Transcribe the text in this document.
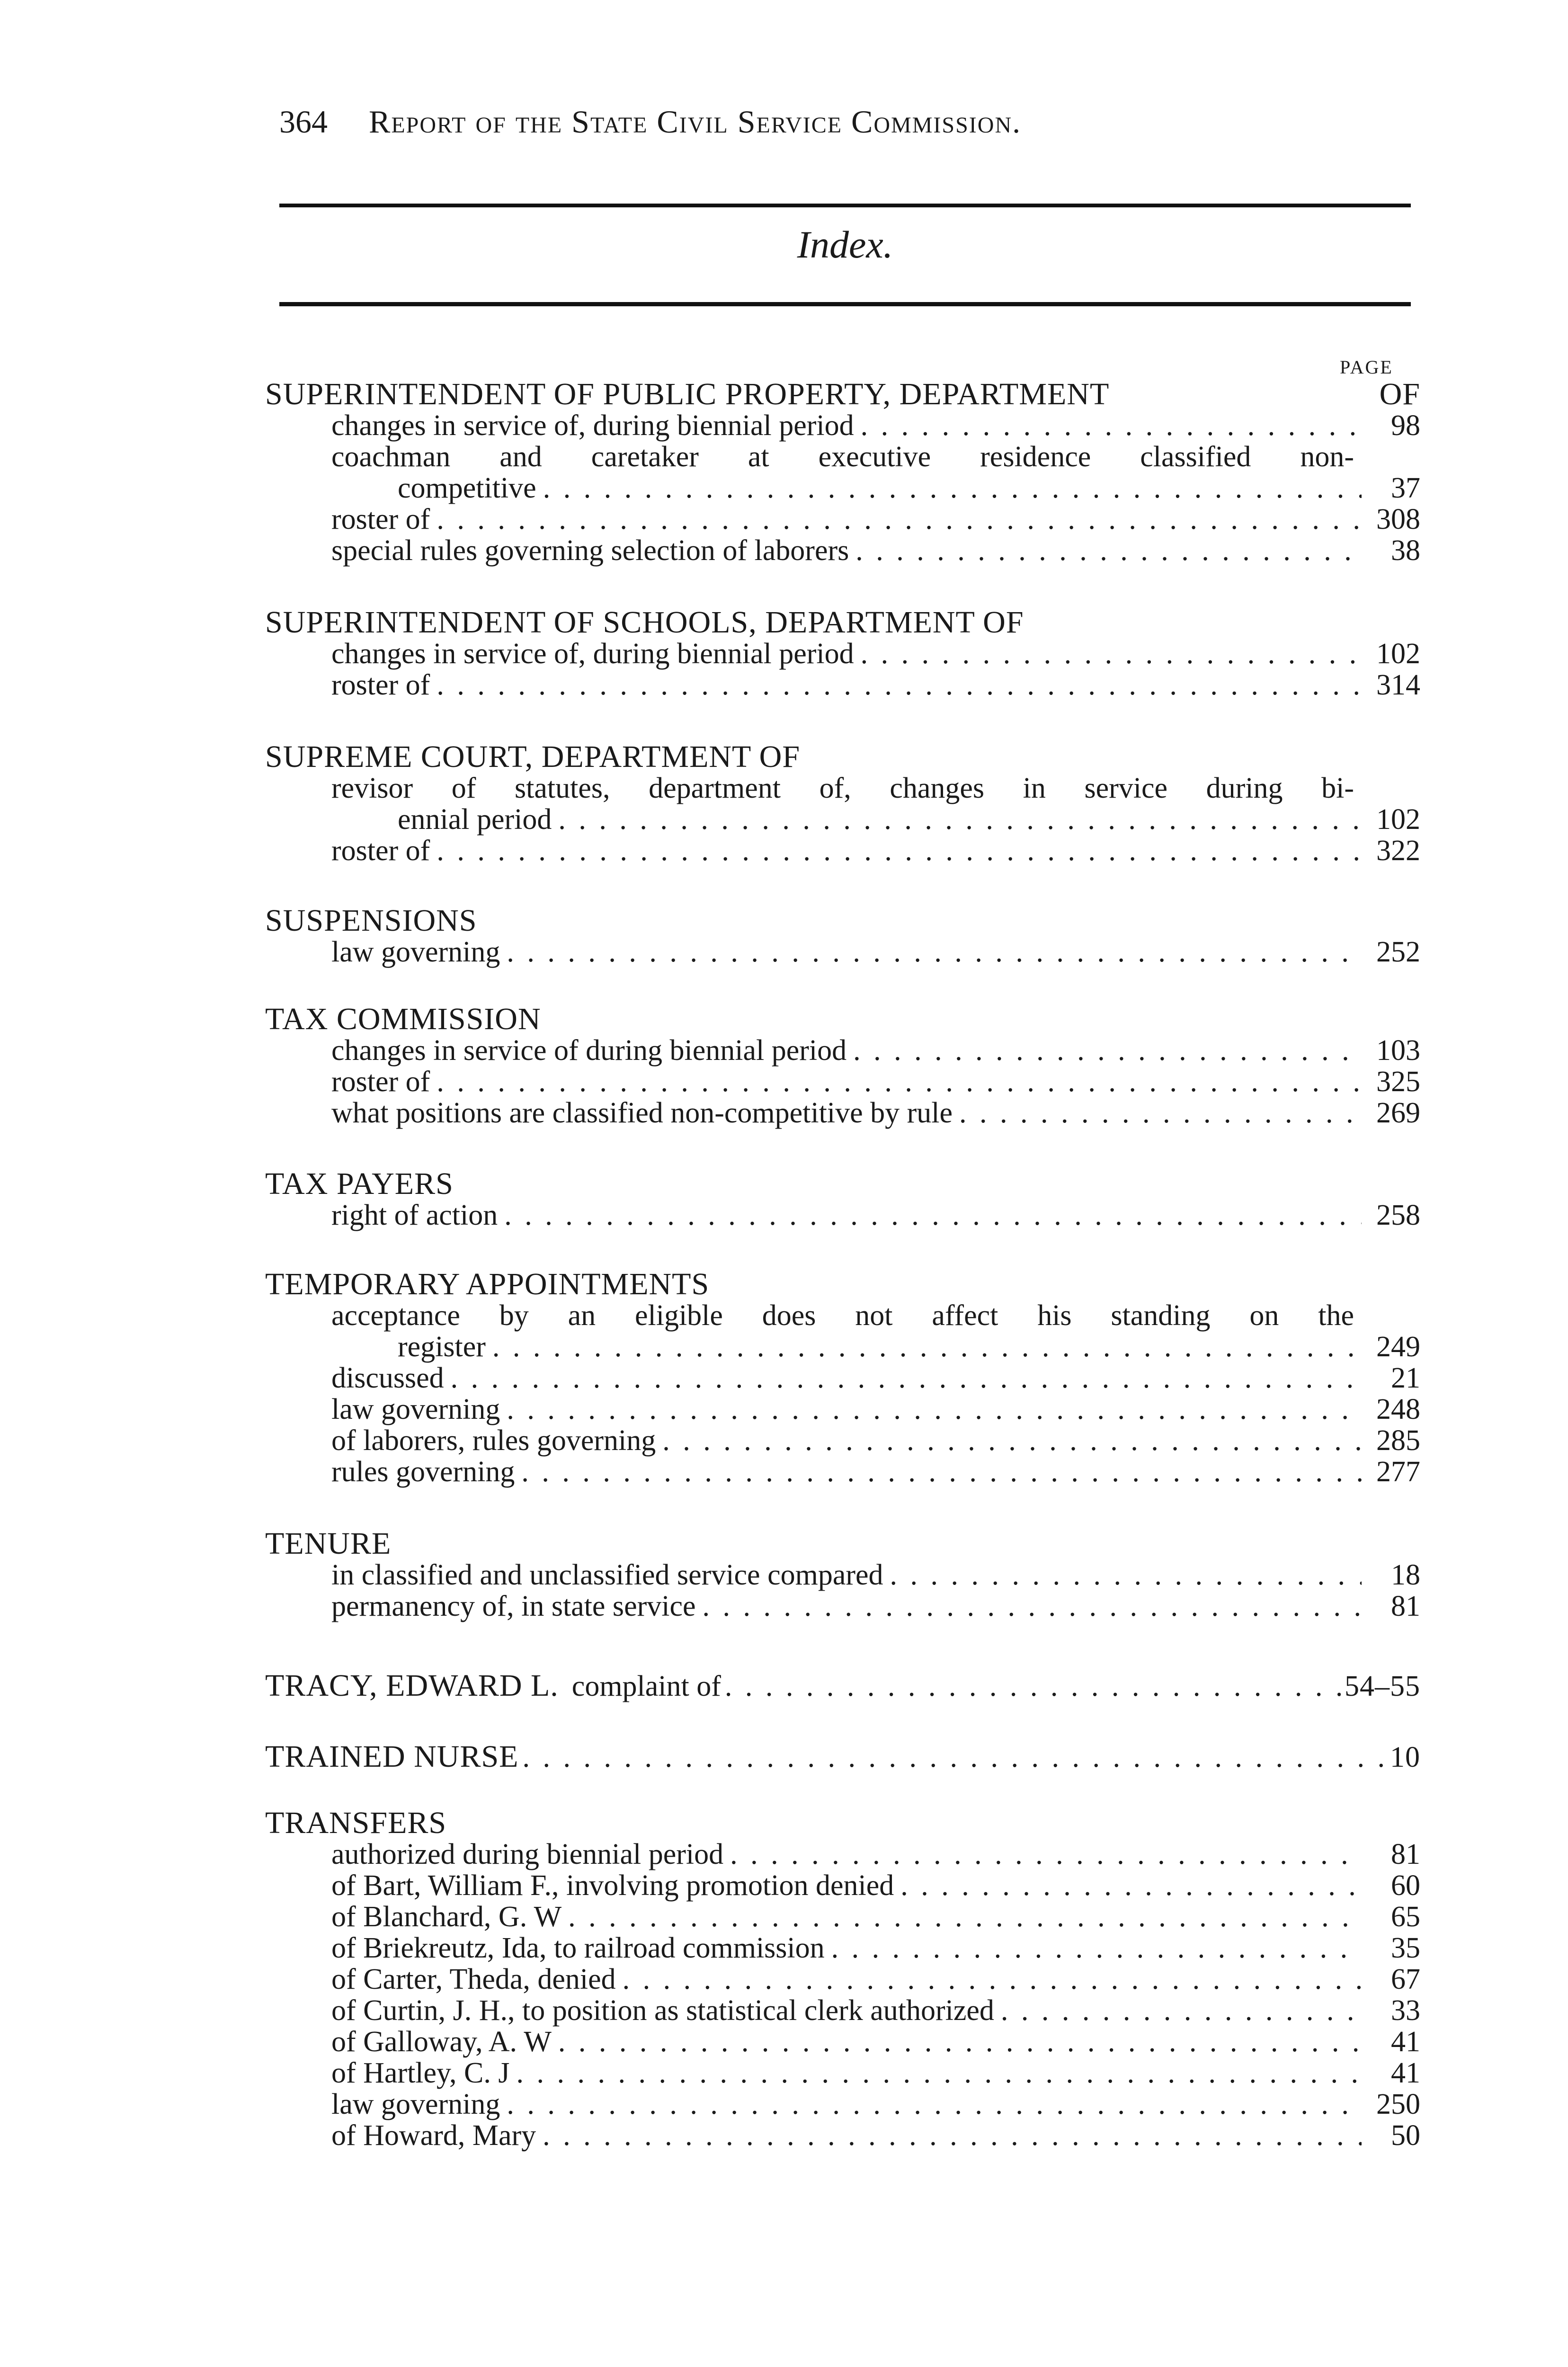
364 Report of the State Civil Service Commission.
Index.
PAGE
SUPERINTENDENT OF PUBLIC PROPERTY, DEPARTMENT	OF
changes in service of, during biennial period . . .	98
coachman and caretaker at executive residence classified non-
competitive . . .	37
roster of . . .	308
special rules governing selection of laborers . . .	38
SUPERINTENDENT OF SCHOOLS, DEPARTMENT OF
changes in service of, during biennial period . . .	102
roster of . . .	314
SUPREME COURT, DEPARTMENT OF
revisor of statutes, department of, changes in service during bi-
ennial period . . .	102
roster of . . .	322
SUSPENSIONS
law governing . . .	252
TAX COMMISSION
changes in service of during biennial period . . .	103
roster of . . .	325
what positions are classified non-competitive by rule . . .	269
TAX PAYERS
right of action . . .	258
TEMPORARY APPOINTMENTS
acceptance by an eligible does not affect his standing on the
register . . .	249
discussed . . .	21
law governing . . .	248
of laborers, rules governing . . .	285
rules governing . . .	277
TENURE
in classified and unclassified service compared . . .	18
permanency of, in state service . . .	81
TRACY, EDWARD L. complaint of . . .	54–55
TRAINED NURSE . . .	10
TRANSFERS
authorized during biennial period . . .	81
of Bart, William F., involving promotion denied . . .	60
of Blanchard, G. W . . .	65
of Briekreutz, Ida, to railroad commission . . .	35
of Carter, Theda, denied . . .	67
of Curtin, J. H., to position as statistical clerk authorized . . .	33
of Galloway, A. W . . .	41
of Hartley, C. J . . .	41
law governing . . .	250
of Howard, Mary . . .	50
